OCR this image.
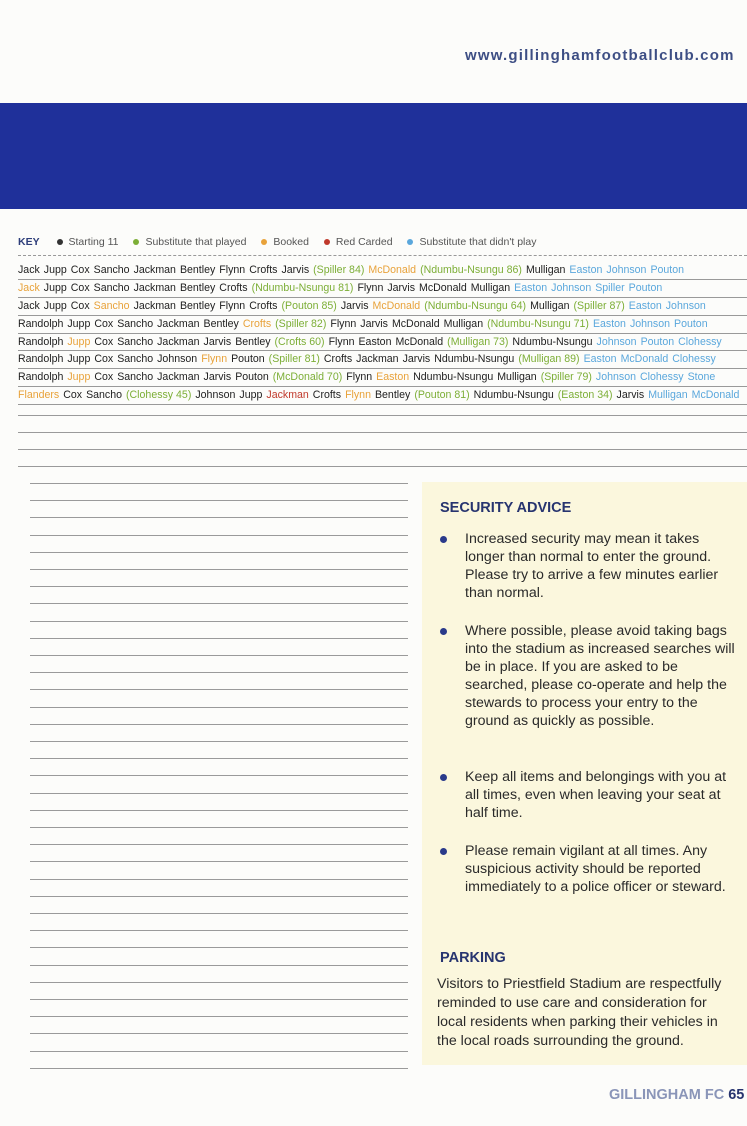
www.gillinghamfootballclub.com
KEY	Starting 11	Substitute that played	Booked	Red Carded	Substitute that didn't play
Jack Jupp Cox Sancho Jackman Bentley Flynn Crofts Jarvis (Spiller 84) McDonald (Ndumbu-Nsungu 86) Mulligan Easton Johnson Pouton
Jack Jupp Cox Sancho Jackman Bentley Crofts (Ndumbu-Nsungu 81) Flynn Jarvis McDonald Mulligan Easton Johnson Spiller Pouton
Jack Jupp Cox Sancho Jackman Bentley Flynn Crofts (Pouton 85) Jarvis McDonald (Ndumbu-Nsungu 64) Mulligan (Spiller 87) Easton Johnson
Randolph Jupp Cox Sancho Jackman Bentley Crofts (Spiller 82) Flynn Jarvis McDonald Mulligan (Ndumbu-Nsungu 71) Easton Johnson Pouton
Randolph Jupp Cox Sancho Jackman Jarvis Bentley (Crofts 60) Flynn Easton McDonald (Mulligan 73) Ndumbu-Nsungu Johnson Pouton Clohessy
Randolph Jupp Cox Sancho Johnson Flynn Pouton (Spiller 81) Crofts Jackman Jarvis Ndumbu-Nsungu (Mulligan 89) Easton McDonald Clohessy
Randolph Jupp Cox Sancho Jackman Jarvis Pouton (McDonald 70) Flynn Easton Ndumbu-Nsungu Mulligan (Spiller 79) Johnson Clohessy Stone
Flanders Cox Sancho (Clohessy 45) Johnson Jupp Jackman Crofts Flynn Bentley (Pouton 81) Ndumbu-Nsungu (Easton 34) Jarvis Mulligan McDonald
SECURITY ADVICE

Increased security may mean it takes longer than normal to enter the ground. Please try to arrive a few minutes earlier than normal.

Where possible, please avoid taking bags into the stadium as increased searches will be in place. If you are asked to be searched, please co-operate and help the stewards to process your entry to the ground as quickly as possible.

Keep all items and belongings with you at all times, even when leaving your seat at half time.

Please remain vigilant at all times. Any suspicious activity should be reported immediately to a police officer or steward.

PARKING

Visitors to Priestfield Stadium are respectfully reminded to use care and consideration for local residents when parking their vehicles in the local roads surrounding the ground.

GILLINGHAM FC 65
